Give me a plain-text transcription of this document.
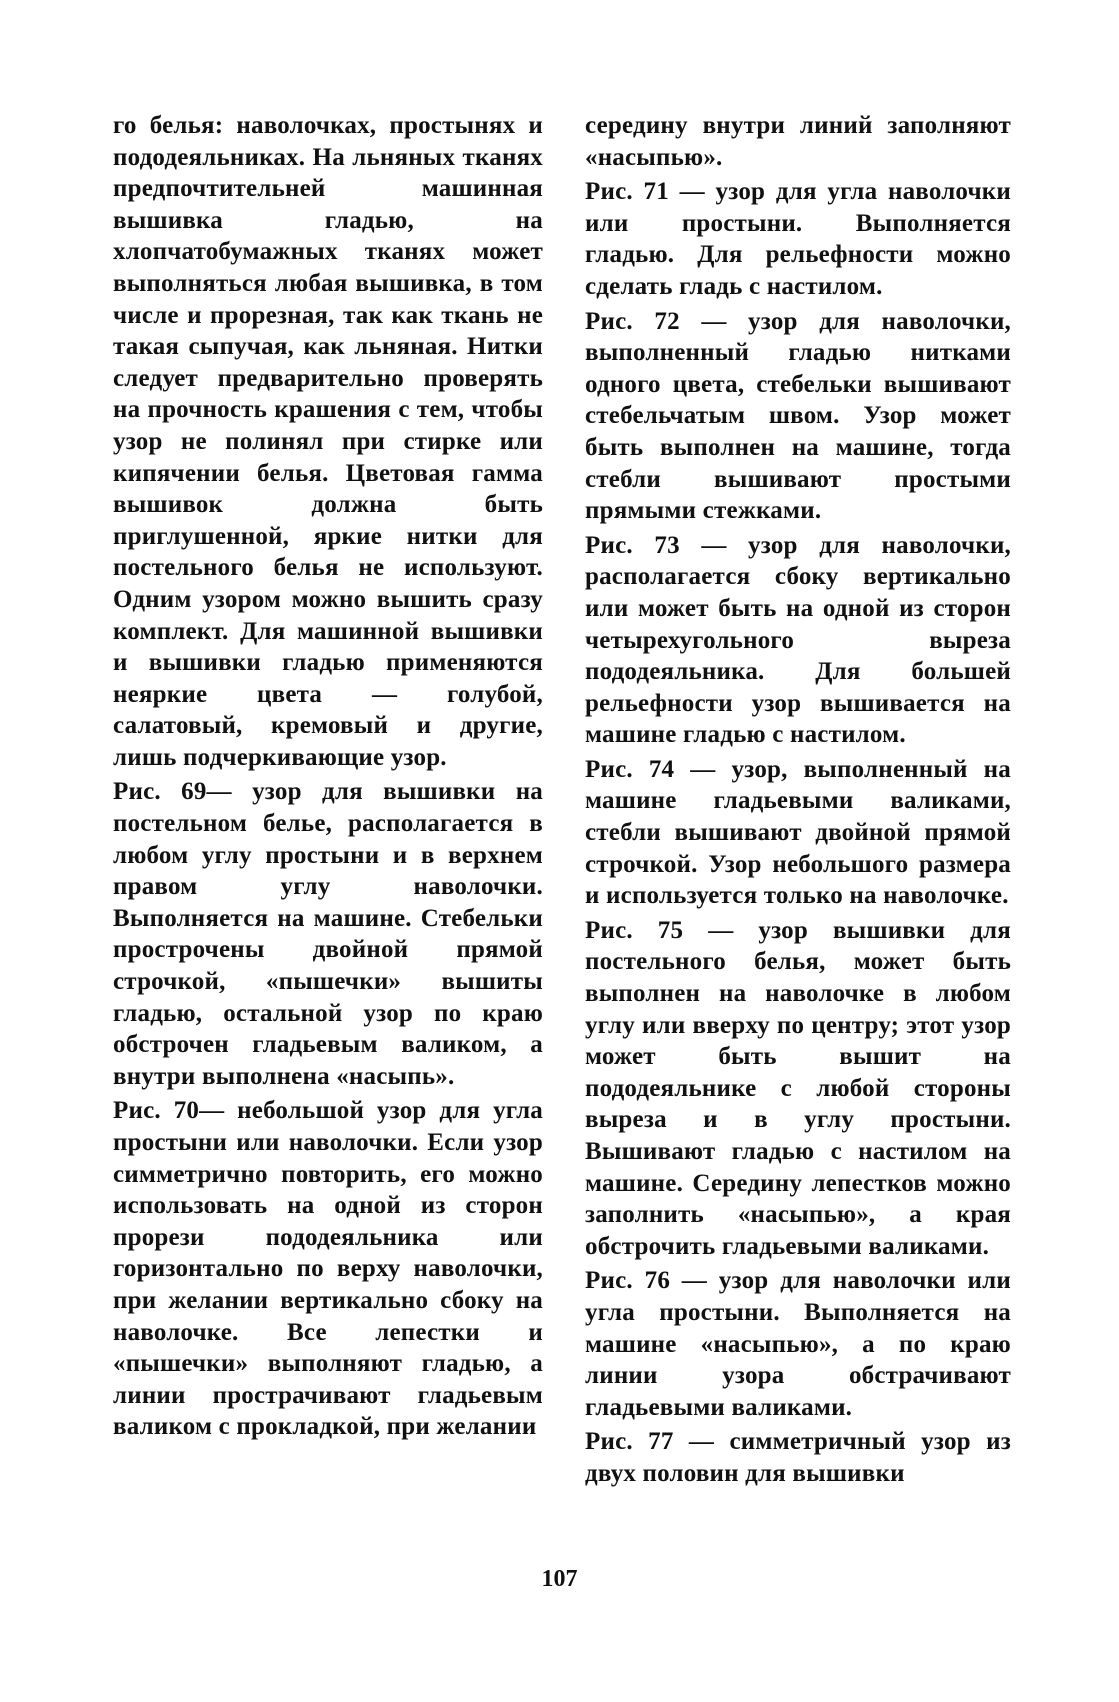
го белья: наволочках, простынях и пододеяльниках. На льняных тканях предпочтительней машинная вышивка гладью, на хлопчатобумажных тканях может выполняться любая вышивка, в том числе и прорезная, так как ткань не такая сыпучая, как льняная. Нитки следует предварительно проверять на прочность крашения с тем, чтобы узор не полинял при стирке или кипячении белья. Цветовая гамма вышивок должна быть приглушенной, яркие нитки для постельного белья не используют. Одним узором можно вышить сразу комплект. Для машинной вышивки и вышивки гладью применяются неяркие цвета — голубой, салатовый, кремовый и другие, лишь подчеркивающие узор.

Рис. 69— узор для вышивки на постельном белье, располагается в любом углу простыни и в верхнем правом углу наволочки. Выполняется на машине. Стебельки прострочены двойной прямой строчкой, «пышечки» вышиты гладью, остальной узор по краю обстрочен гладьевым валиком, а внутри выполнена «насыпь».

Рис. 70— небольшой узор для угла простыни или наволочки. Если узор симметрично повторить, его можно использовать на одной из сторон прорези пододеяльника или горизонтально по верху наволочки, при желании вертикально сбоку на наволочке. Все лепестки и «пышечки» выполняют гладью, а линии прострачивают гладьевым валиком с прокладкой, при желании

середину внутри линий заполняют «насыпью».

Рис. 71 — узор для угла наволочки или простыни. Выполняется гладью. Для рельефности можно сделать гладь с настилом.

Рис. 72 — узор для наволочки, выполненный гладью нитками одного цвета, стебельки вышивают стебельчатым швом. Узор может быть выполнен на машине, тогда стебли вышивают простыми прямыми стежками.

Рис. 73 — узор для наволочки, располагается сбоку вертикально или может быть на одной из сторон четырехугольного выреза пододеяльника. Для большей рельефности узор вышивается на машине гладью с настилом.

Рис. 74 — узор, выполненный на машине гладьевыми валиками, стебли вышивают двойной прямой строчкой. Узор небольшого размера и используется только на наволочке.

Рис. 75 — узор вышивки для постельного белья, может быть выполнен на наволочке в любом углу или вверху по центру; этот узор может быть вышит на пододеяльнике с любой стороны выреза и в углу простыни. Вышивают гладью с настилом на машине. Середину лепестков можно заполнить «насыпью», а края обстрочить гладьевыми валиками.

Рис. 76 — узор для наволочки или угла простыни. Выполняется на машине «насыпью», а по краю линии узора обстрачивают гладьевыми валиками.

Рис. 77 — симметричный узор из двух половин для вышивки

107
